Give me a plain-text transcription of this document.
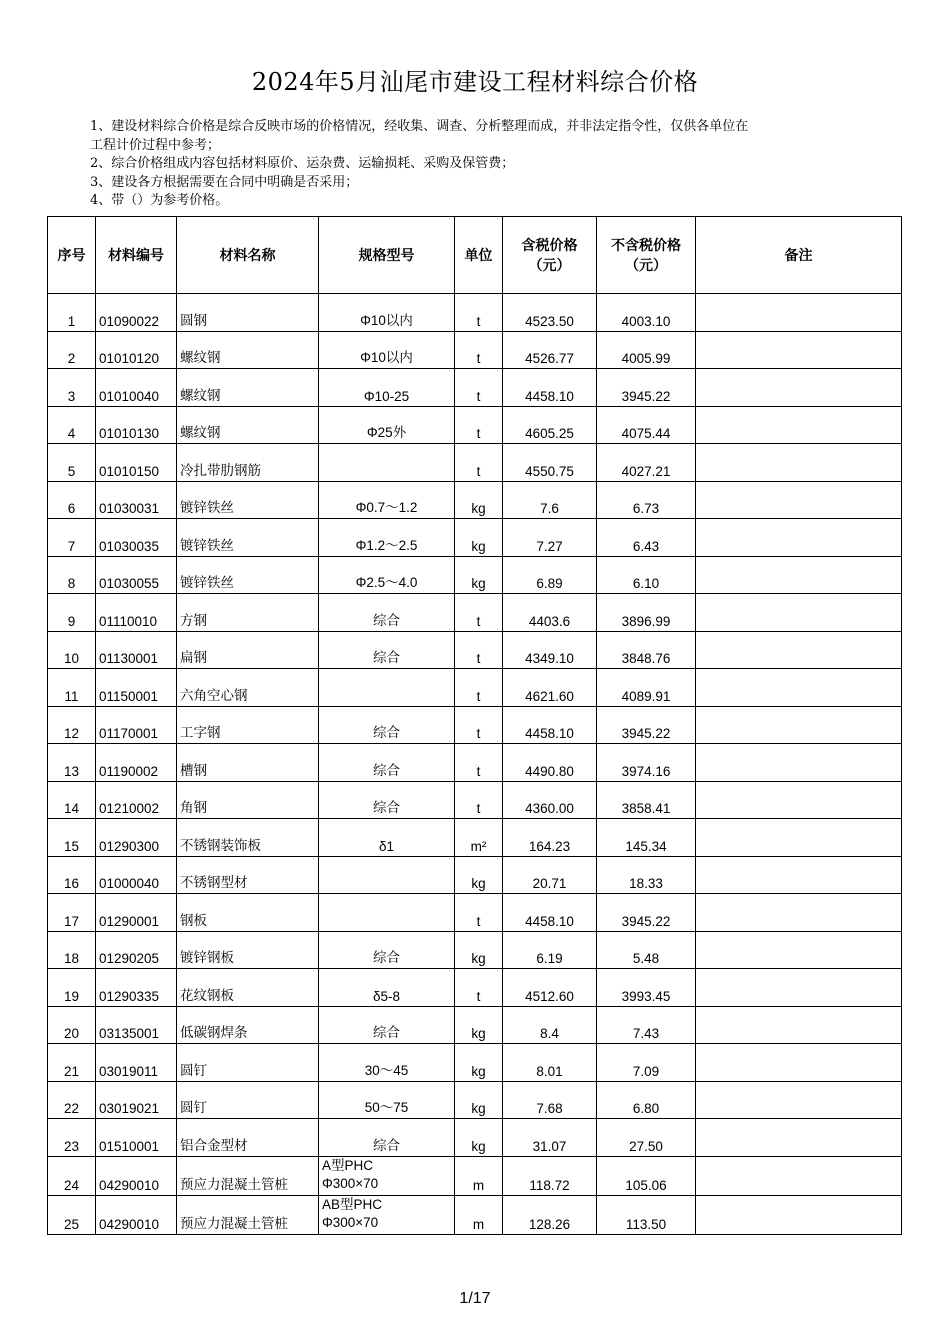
2024年5月汕尾市建设工程材料综合价格
1、建设材料综合价格是综合反映市场的价格情况，经收集、调查、分析整理而成，并非法定指令性，仅供各单位在
工程计价过程中参考；
2、综合价格组成内容包括材料原价、运杂费、运输损耗、采购及保管费；
3、建设各方根据需要在合同中明确是否采用；
4、带（）为参考价格。
序号	材料编号	材料名称	规格型号	单位	含税价格
（元）	不含税价格
（元）	备注
1	01090022	圆钢	Φ10以内	t	4523.50	4003.10	
2	01010120	螺纹钢	Φ10以内	t	4526.77	4005.99	
3	01010040	螺纹钢	Φ10-25	t	4458.10	3945.22	
4	01010130	螺纹钢	Φ25外	t	4605.25	4075.44	
5	01010150	冷扎带肋钢筋		t	4550.75	4027.21	
6	01030031	镀锌铁丝	Φ0.7～1.2	kg	7.6	6.73	
7	01030035	镀锌铁丝	Φ1.2～2.5	kg	7.27	6.43	
8	01030055	镀锌铁丝	Φ2.5～4.0	kg	6.89	6.10	
9	01110010	方钢	综合	t	4403.6	3896.99	
10	01130001	扁钢	综合	t	4349.10	3848.76	
11	01150001	六角空心钢		t	4621.60	4089.91	
12	01170001	工字钢	综合	t	4458.10	3945.22	
13	01190002	槽钢	综合	t	4490.80	3974.16	
14	01210002	角钢	综合	t	4360.00	3858.41	
15	01290300	不锈钢装饰板	δ1	m²	164.23	145.34	
16	01000040	不锈钢型材		kg	20.71	18.33	
17	01290001	钢板		t	4458.10	3945.22	
18	01290205	镀锌钢板	综合	kg	6.19	5.48	
19	01290335	花纹钢板	δ5-8	t	4512.60	3993.45	
20	03135001	低碳钢焊条	综合	kg	8.4	7.43	
21	03019011	圆钉	30～45	kg	8.01	7.09	
22	03019021	圆钉	50～75	kg	7.68	6.80	
23	01510001	铝合金型材	综合	kg	31.07	27.50	
24	04290010	预应力混凝土管桩	A型PHC
Φ300×70	m	118.72	105.06	
25	04290010	预应力混凝土管桩	AB型PHC
Φ300×70	m	128.26	113.50	
1/17
